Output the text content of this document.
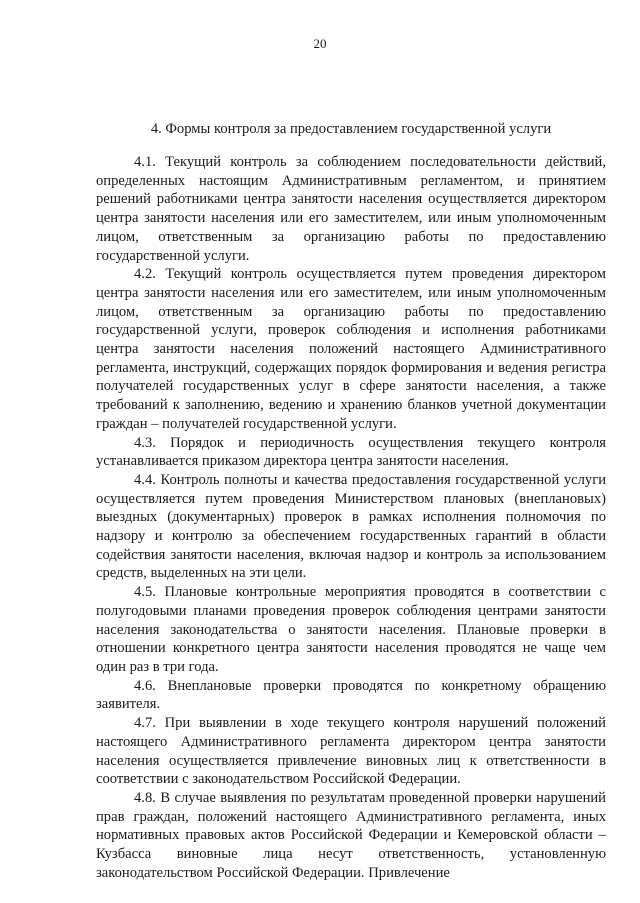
20
4. Формы контроля за предоставлением государственной услуги

4.1. Текущий контроль за соблюдением последовательности действий, определенных настоящим Административным регламентом, и принятием решений работниками центра занятости населения осуществляется директором центра занятости населения или его заместителем, или иным уполномоченным лицом, ответственным за организацию работы по предоставлению государственной услуги.

4.2. Текущий контроль осуществляется путем проведения директором центра занятости населения или его заместителем, или иным уполномоченным лицом, ответственным за организацию работы по предоставлению государственной услуги, проверок соблюдения и исполнения работниками центра занятости населения положений настоящего Административного регламента, инструкций, содержащих порядок формирования и ведения регистра получателей государственных услуг в сфере занятости населения, а также требований к заполнению, ведению и хранению бланков учетной документации граждан – получателей государственной услуги.

4.3. Порядок и периодичность осуществления текущего контроля устанавливается приказом директора центра занятости населения.

4.4. Контроль полноты и качества предоставления государственной услуги осуществляется путем проведения Министерством плановых (внеплановых) выездных (документарных) проверок в рамках исполнения полномочия по надзору и контролю за обеспечением государственных гарантий в области содействия занятости населения, включая надзор и контроль за использованием средств, выделенных на эти цели.

4.5. Плановые контрольные мероприятия проводятся в соответствии с полугодовыми планами проведения проверок соблюдения центрами занятости населения законодательства о занятости населения. Плановые проверки в отношении конкретного центра занятости населения проводятся не чаще чем один раз в три года.

4.6. Внеплановые проверки проводятся по конкретному обращению заявителя.

4.7. При выявлении в ходе текущего контроля нарушений положений настоящего Административного регламента директором центра занятости населения осуществляется привлечение виновных лиц к ответственности в соответствии с законодательством Российской Федерации.

4.8. В случае выявления по результатам проведенной проверки нарушений прав граждан, положений настоящего Административного регламента, иных нормативных правовых актов Российской Федерации и Кемеровской области – Кузбасса виновные лица несут ответственность, установленную законодательством Российской Федерации. Привлечение
